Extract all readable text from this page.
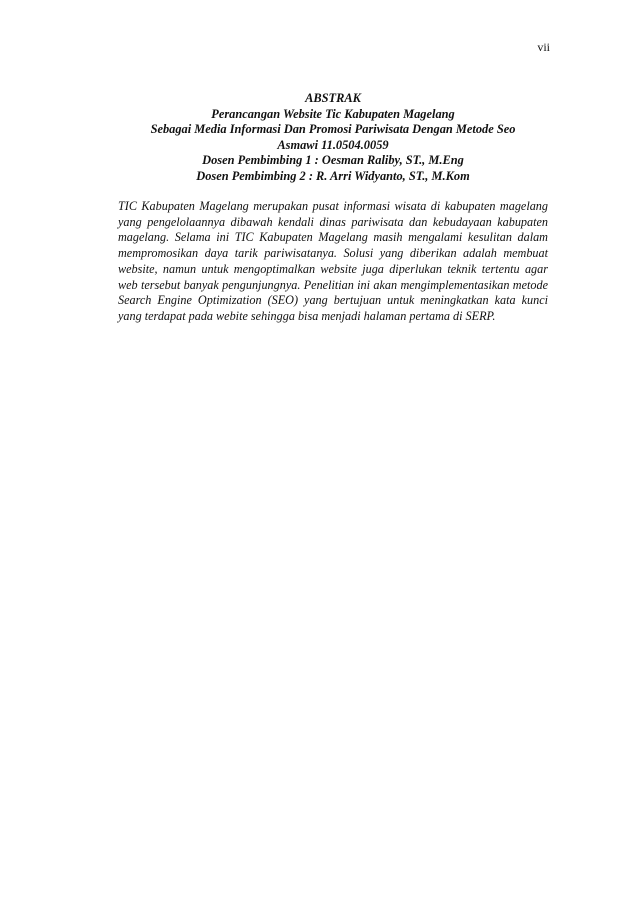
vii
ABSTRAK
Perancangan Website Tic Kabupaten Magelang
Sebagai Media Informasi Dan Promosi Pariwisata Dengan Metode Seo
Asmawi 11.0504.0059
Dosen Pembimbing 1 : Oesman Raliby, ST., M.Eng
Dosen Pembimbing 2 : R. Arri Widyanto, ST., M.Kom

TIC Kabupaten Magelang merupakan pusat informasi wisata di kabupaten magelang yang pengelolaannya dibawah kendali dinas pariwisata dan kebudayaan kabupaten magelang. Selama ini TIC Kabupaten Magelang masih mengalami kesulitan dalam mempromosikan daya tarik pariwisatanya. Solusi yang diberikan adalah membuat website, namun untuk mengoptimalkan website juga diperlukan teknik tertentu agar web tersebut banyak pengunjungnya. Penelitian ini akan mengimplementasikan metode Search Engine Optimization (SEO) yang bertujuan untuk meningkatkan kata kunci yang terdapat pada webite sehingga bisa menjadi halaman pertama di SERP.
